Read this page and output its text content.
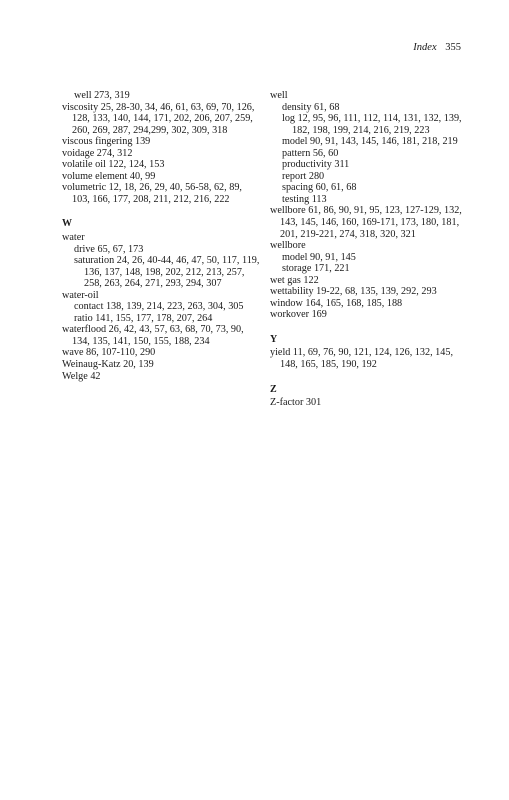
Index 355
well 273, 319
viscosity 25, 28-30, 34, 46, 61, 63, 69, 70, 126, 128, 133, 140, 144, 171, 202, 206, 207, 259, 260, 269, 287, 294,299, 302, 309, 318
viscous fingering 139
voidage 274, 312
volatile oil 122, 124, 153
volume element 40, 99
volumetric 12, 18, 26, 29, 40, 56-58, 62, 89, 103, 166, 177, 208, 211, 212, 216, 222
W
water
drive 65, 67, 173
saturation 24, 26, 40-44, 46, 47, 50, 117, 119, 136, 137, 148, 198, 202, 212, 213, 257, 258, 263, 264, 271, 293, 294, 307
water-oil
contact 138, 139, 214, 223, 263, 304, 305
ratio 141, 155, 177, 178, 207, 264
waterflood 26, 42, 43, 57, 63, 68, 70, 73, 90, 134, 135, 141, 150, 155, 188, 234
wave 86, 107-110, 290
Weinaug-Katz 20, 139
Welge 42
well
density 61, 68
log 12, 95, 96, 111, 112, 114, 131, 132, 139, 182, 198, 199, 214, 216, 219, 223
model 90, 91, 143, 145, 146, 181, 218, 219
pattern 56, 60
productivity 311
report 280
spacing 60, 61, 68
testing 113
wellbore 61, 86, 90, 91, 95, 123, 127-129, 132, 143, 145, 146, 160, 169-171, 173, 180, 181, 201, 219-221, 274, 318, 320, 321
wellbore
model 90, 91, 145
storage 171, 221
wet gas 122
wettability 19-22, 68, 135, 139, 292, 293
window 164, 165, 168, 185, 188
workover 169
Y
yield 11, 69, 76, 90, 121, 124, 126, 132, 145, 148, 165, 185, 190, 192
Z
Z-factor 301
